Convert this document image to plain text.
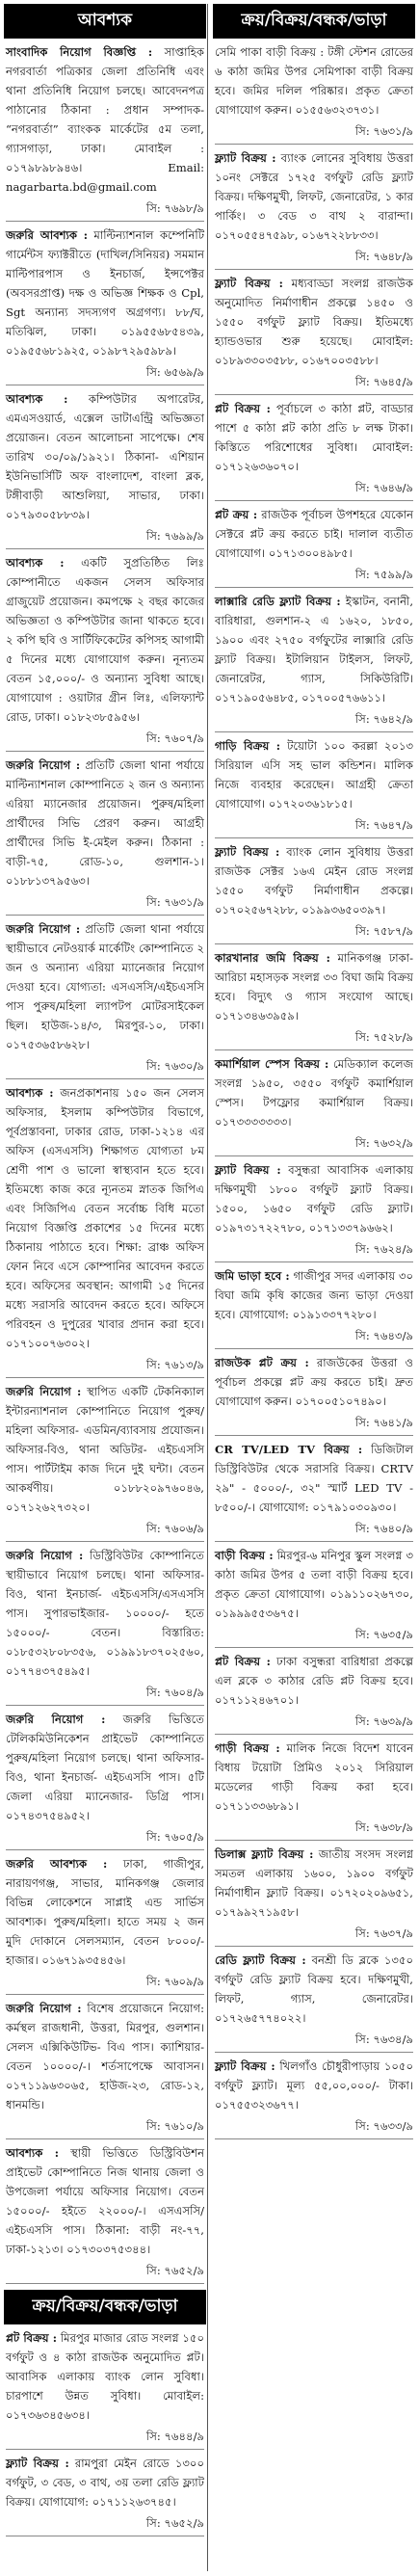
আবশ্যক
সাংবাদিক নিয়োগ বিজ্ঞপ্তি : সাপ্তাহিক নগরবার্তা পত্রিকার জেলা প্রতিনিধি এবং থানা প্রতিনিধি নিয়োগ চলছে। আবেদনপত্র পাঠানোর ঠিকানা : প্রধান সম্পাদক- “নগরবার্তা” ব্যাংকক মার্কেটের ৫ম তলা, গ্যাসগাড়া, ঢাকা। মোবাইল : ০১৭৯৮৯৮৯৪৬। Email: nagarbarta.bd@gmail.com
সি: ৭৬৯৮/৯
জরুরি আবশ্যক : মাল্টিন্যাশনাল কম্পেনিটি গার্মেন্টস ফ্যাক্টরীতে (দাখিল/সিনিয়র) সমমান মাল্টিপারপাস ও ইনচার্জ, ইন্সপেক্টর (অবসরপ্রাপ্ত) দক্ষ ও অভিজ্ঞ শিক্ষক ও Cpl, Sgt অন্যান্য সদস্যগণ অগ্রগণ্য। ৮৮/ঘ, মতিঝিল, ঢাকা। ০১৯৫৫৬৮৫৪৩৯, ০১৯৫৫৬৮১৯২৫, ০১৯৮৭২৯৫৯৮৯।
সি: ৬৫৬৯/৯
আবশ্যক : কম্পিউটার অপারেটর, এমএসওয়ার্ড, এক্সেল ডাটাএন্ট্রি অভিজ্ঞতা প্রয়োজন। বেতন আলোচনা সাপেক্ষে। শেষ তারিখ ৩০/০৯/১৯২১। ঠিকানা- এশিয়ান ইউনিভার্সিটি অফ বাংলাদেশ, বাংলা ব্লক, টঙ্গীবাড়ী আশুলিয়া, সাভার, ঢাকা। ০১৭৯৩০৫৮৮৩৯।
সি: ৭৬৯৯/৯
আবশ্যক : একটি সুপ্রতিষ্ঠিত লিঃ কোম্পানীতে একজন সেলস অফিসার গ্রাজুয়েট প্রয়োজন। কমপক্ষে ২ বছর কাজের অভিজ্ঞতা ও কম্পিউটার জানা থাকতে হবে। ২ কপি ছবি ও সার্টিফিকেটের কপিসহ আগামী ৫ দিনের মধ্যে যোগাযোগ করুন। নূন্যতম বেতন ১৫,০০০/- ও অন্যান্য সুবিধা আছে। যোগাযোগ : ওয়াটার গ্রীন লিঃ, এলিফ্যান্ট রোড, ঢাকা। ০১৮২৩৮৫৯৫৬।
সি: ৭৬০৭/৯
জরুরি নিয়োগ : প্রতিটি জেলা থানা পর্যায়ে মাল্টিন্যাশনাল কোম্পানিতে ২ জন ও অন্যান্য এরিয়া ম্যানেজার প্রয়োজন। পুরুষ/মহিলা প্রার্থীদের সিভি প্রেরণ করুন। আগ্রহী প্রার্থীদের সিভি ই-মেইল করুন। ঠিকানা : বাড়ী-৭৫, রোড-১০, গুলশান-১। ০১৮৮১৩৭৯৫৬৩।
সি: ৭৬৩১/৯
জরুরি নিয়োগ : প্রতিটি জেলা থানা পর্যায়ে স্থায়ীভাবে নেটওয়ার্ক মার্কেটিং কোম্পানিতে ২ জন ও অন্যান্য এরিয়া ম্যানেজার নিয়োগ দেওয়া হবে। যোগ্যতা: এসএসসি/এইচএসসি পাস পুরুষ/মহিলা ল্যাপটপ মোটরসাইকেল ছিল। হাউজ-১৪/৩, মিরপুর-১০, ঢাকা। ০১৭৫৩৬৫৮৬২৮।
সি: ৭৬৩০/৯
আবশ্যক : জনপ্রকাশনায় ১৫০ জন সেলস অফিসার, ইসলাম কম্পিউটার বিভাগে, পূর্বপ্রস্তাবনা, ঢাকার রোড, ঢাকা-১২১৪ এর অফিস (এসএসসি) শিক্ষাগত যোগ্যতা ৮ম শ্রেণী পাশ ও ভালো স্বাস্থ্যবান হতে হবে। ইতিমধ্যে কাজ করে ন্যূনতম স্নাতক জিপিএ এবং সিজিপিএ বেতন সর্বোচ্চ বিধি মতো নিয়োগ বিজ্ঞপ্তি প্রকাশের ১৫ দিনের মধ্যে ঠিকানায় পাঠাতে হবে। শিক্ষা: ব্রাঞ্চ অফিস ফোন নিবে এসে কোম্পানির আবেদন করতে হবে। অফিসের অবস্থান: আগামী ১৫ দিনের মধ্যে সরাসরি আবেদন করতে হবে। অফিসে পরিবহন ও দুপুরের খাবার প্রদান করা হবে। ০১৭১০০৭৬৩০২।
সি: ৭৬১৩/৯
জরুরি নিয়োগ : স্থাপিত একটি টেকনিক্যাল ইন্টারন্যাশনাল কোম্পানিতে নিয়োগ পুরুষ/মহিলা অফিসার- এডমিন/ব্যাবসায় প্রযোজন। অফিসার-বিও, থানা অডিটর- এইচএসসি পাস। পার্টটাইম কাজ দিনে দুই ঘন্টা। বেতন আকর্ষণীয়। ০১৮৮২০৯৭৬০৪৬, ০১৭১২৬২৭৩২০।
সি: ৭৬০৬/৯
জরুরি নিয়োগ : ডিস্ট্রিবিউটর কোম্পানিতে স্থায়ীভাবে নিয়োগ চলছে। থানা অফিসার-বিও, থানা ইনচার্জ- এইচএসসি/এসএসসি পাস। সুপারভাইজার- ১০০০০/- হতে ১৫০০০/- বেতন। বিস্তারিত: ০১৮৫৩২৮০৮৩৫৬, ০১৯৯১৮৩৭০২৫৬০, ০১৭৭৪৩৭৫৪৯৫।
সি: ৭৬০৪/৯
জরুরি নিয়োগ : জরুরি ভিত্তিতে টেলিকমিউনিকেশন প্রাইভেট কোম্পানিতে পুরুষ/মহিলা নিয়োগ চলছে। থানা অফিসার-বিও, থানা ইনচার্জ- এইচএসসি পাস। ৫টি জেলা এরিয়া ম্যানেজার- ডিগ্রি পাস। ০১৭৪৩৭৫৪৯৫২।
সি: ৭৬০৫/৯
জরুরি আবশ্যক : ঢাকা, গাজীপুর, নারায়ণগঞ্জ, সাভার, মানিকগঞ্জ জেলার বিভিন্ন লোকেশনে সাপ্লাই এন্ড সার্ভিস আবশ্যক। পুরুষ/মহিলা। হাতে সময় ২ জন মুদি দোকানে সেলসম্যান, বেতন ৮০০০/- হাজার। ০১৬৭১৯৩৫৪৫৬।
সি: ৭৬০৯/৯
জরুরি নিয়োগ : বিশেষ প্রয়োজনে নিয়োগ: কর্মস্থল রাজধানী, উত্তরা, মিরপুর, গুলশান। সেলস এক্সিকিউটিভ- বিএ পাস। ক্যাশিয়ার- বেতন ১০০০০/-। শর্তসাপেক্ষে আবাসন। ০১৭১১৯৬৩০৬৫, হাউজ-২৩, রোড-১২, ধানমন্ডি।
সি: ৭৬১০/৯
আবশ্যক : স্থায়ী ভিত্তিতে ডিস্ট্রিবিউশন প্রাইভেট কোম্পানিতে নিজ থানায় জেলা ও উপজেলা পর্যায়ে অফিসার নিয়োগ। বেতন ১৫০০০/- হইতে ২২০০০/-। এসএসসি/এইচএসসি পাস। ঠিকানা: বাড়ী নং-৭৭, ঢাকা-১২১৩। ০১৭৩০৩৭৫৩৪৪।
সি: ৭৬৫২/৯
ক্রয়/বিক্রয়/বন্ধক/ভাড়া
প্লট বিক্রয় : মিরপুর মাজার রোড সংলগ্ন ১৫০ বর্গফুট ও ৪ কাঠা রাজউক অনুমোদিত প্লট। আবাসিক এলাকায় ব্যাংক লোন সুবিধা। চারপাশে উন্নত সুবিধা। মোবাইল: ০১৭৩৬৩৪৫৬৩৪।
সি: ৭৬৪৪/৯
ফ্ল্যাট বিক্রয় : রামপুরা মেইন রোডে ১৩০০ বর্গফুট, ৩ বেড, ৩ বাথ, ৩য় তলা রেডি ফ্ল্যাট বিক্রয়। যোগাযোগ: ০১৭১১২৬৩৭৪৫।
সি: ৭৬৫২/৯
ক্রয়/বিক্রয়/বন্ধক/ভাড়া
সেমি পাকা বাড়ী বিক্রয় : টঙ্গী স্টেশন রোডের ৬ কাঠা জমির উপর সেমিপাকা বাড়ী বিক্রয় হবে। জমির দলিল পরিষ্কার। প্রকৃত ক্রেতা যোগাযোগ করুন। ০১৫৫৬৩২৩৭৩১।
সি: ৭৬৩১/৯
ফ্ল্যাট বিক্রয় : ব্যাংক লোনের সুবিধায় উত্তরা ১০নং সেক্টরে ১৭২৫ বর্গফুট রেডি ফ্ল্যাট বিক্রয়। দক্ষিণমুখী, লিফট, জেনারেটর, ১ কার পার্কিং। ৩ বেড ৩ বাথ ২ বারান্দা। ০১৭০৫৫৪৭৫৯৮, ০১৬৭২২৮৮৩৩।
সি: ৭৬৪৮/৯
ফ্ল্যাট বিক্রয় : মধ্যবাড্ডা সংলগ্ন রাজউক অনুমোদিত নির্মাণাধীন প্রকল্পে ১৪৫০ ও ১৫৫০ বর্গফুট ফ্ল্যাট বিক্রয়। ইতিমধ্যে হ্যান্ডওভার শুরু হয়েছে। মোবাইল: ০১৮৯৩৩০৩৫৮৮, ০১৬৭০০৩৫৮৮।
সি: ৭৬৪৫/৯
প্লট বিক্রয় : পূর্বাচলে ৩ কাঠা প্লট, বাড্ডার পাশে ৫ কাঠা প্লট কাঠা প্রতি ৮ লক্ষ টাকা। কিস্তিতে পরিশোধের সুবিধা। মোবাইল: ০১৭১২৬৩৬০৭০।
সি: ৭৬৪৬/৯
প্লট ক্রয় : রাজউক পূর্বাচল উপশহরে যেকোন সেক্টরে প্লট ক্রয় করতে চাই। দালাল ব্যতীত যোগাযোগ। ০১৭১৩০০৪৯৮৫।
সি: ৭৫৯৯/৯
লাক্সারি রেডি ফ্ল্যাট বিক্রয় : ইস্কাটন, বনানী, বারিধারা, গুলশান-২ এ ১৬২০, ১৮৫০, ১৯০০ এবং ২৭৫০ বর্গফুটের লাক্সারি রেডি ফ্ল্যাট বিক্রয়। ইটালিয়ান টাইলস, লিফট, জেনারেটর, গ্যাস, সিকিউরিটি। ০১৭১৯০৫৬৪৮৫, ০১৭০০৫৭৬৬১১।
সি: ৭৬৪২/৯
গাড়ি বিক্রয় : টয়োটা ১০০ করল্লা ২০১৩ সিরিয়াল এসি সহ ভাল কন্ডিশন। মালিক নিজে ব্যবহার করেছেন। আগ্রহী ক্রেতা যোগাযোগ। ০১৭২০৩৬১৮১৫।
সি: ৭৬৪৭/৯
ফ্ল্যাট বিক্রয় : ব্যাংক লোন সুবিধায় উত্তরা রাজউক সেক্টর ১৬এ মেইন রোড সংলগ্ন ১৫৫০ বর্গফুট নির্মাণাধীন প্রকল্পে। ০১৭০২৫৬৭২৮৮, ০১৯৯৩৬৫০৩৯৭।
সি: ৭৫৮৭/৯
কারখানার জমি বিক্রয় : মানিকগঞ্জ ঢাকা-আরিচা মহাসড়ক সংলগ্ন ৩৩ বিঘা জমি বিক্রয় হবে। বিদ্যুৎ ও গ্যাস সংযোগ আছে। ০১৭১৩৪৬৩৯৫৯।
সি: ৭৫২৮/৯
কমার্শিয়াল স্পেস বিক্রয় : মেডিক্যাল কলেজ সংলগ্ন ১৯৫০, ৩৫৫০ বর্গফুট কমার্শিয়াল স্পেস। টপফ্লোর কমার্শিয়াল বিক্রয়। ০১৭৩৩৩৩৩৩৩।
সি: ৭৬৩২/৯
ফ্ল্যাট বিক্রয় : বসুন্ধরা আবাসিক এলাকায় দক্ষিণমুখী ১৮০০ বর্গফুট ফ্ল্যাট বিক্রয়। ১৫০০, ১৬৫০ বর্গফুট রেডি ফ্ল্যাট। ০১৯৭৩১৭২২৭৮০, ০১৭১৩৩৭৯৬৬২।
সি: ৭৬২৪/৯
জমি ভাড়া হবে : গাজীপুর সদর এলাকায় ৩০ বিঘা জমি কৃষি কাজের জন্য ভাড়া দেওয়া হবে। যোগাযোগ: ০১৯১৩৩৭৭২৮০।
সি: ৭৬৪৩/৯
রাজউক প্লট ক্রয় : রাজউকের উত্তরা ও পূর্বাচল প্রকল্পে প্লট ক্রয় করতে চাই। দ্রুত যোগাযোগ করুন। ০১৭০০৫১০৭৪৯০।
সি: ৭৬৪১/৯
CR TV/LED TV বিক্রয় : ডিজিটাল ডিস্ট্রিবিউটর থেকে সরাসরি বিক্রয়। CRTV ২৯" - ৫০০০/-, ৩২" স্মার্ট LED TV - ৮৫০০/-। যোগাযোগ: ০১৭৯১০৩০৯৩০।
সি: ৭৬৪০/৯
বাড়ী বিক্রয় : মিরপুর-৬ মনিপুর স্কুল সংলগ্ন ৩ কাঠা জমির উপর ৫ তলা বাড়ী বিক্রয় হবে। প্রকৃত ক্রেতা যোগাযোগ। ০১৯১১০২৬৭৩০, ০১৯৯৯৫৫৩৬৭৫।
সি: ৭৬৩৫/৯
প্লট বিক্রয় : ঢাকা বসুন্ধরা বারিধারা প্রকল্পে এল ব্লকে ৩ কাঠার রেডি প্লট বিক্রয় হবে। ০১৭১১২৪৬৭০১।
সি: ৭৬৩৯/৯
গাড়ী বিক্রয় : মালিক নিজে বিদেশ যাবেন বিধায় টয়োটা প্রিমিও ২০১২ সিরিয়াল মডেলের গাড়ী বিক্রয় করা হবে। ০১৭১১৩৩৬৮৯১।
সি: ৭৬৩৮/৯
ডিলাক্স ফ্ল্যাট বিক্রয় : জাতীয় সংসদ সংলগ্ন সমতল এলাকায় ১৬০০, ১৯০০ বর্গফুট নির্মাণাধীন ফ্ল্যাট বিক্রয়। ০১৭২০২০৯৬৫১, ০১৭৯৯২৭১৯৫৮।
সি: ৭৬৩৭/৯
রেডি ফ্ল্যাট বিক্রয় : বনশ্রী ডি ব্লকে ১৩৫০ বর্গফুট রেডি ফ্ল্যাট বিক্রয় হবে। দক্ষিণমুখী, লিফট, গ্যাস, জেনারেটর। ০১৭২৬৫৭৭৪০২২।
সি: ৭৬৩৪/৯
ফ্ল্যাট বিক্রয় : খিলগাঁও চৌধুরীপাড়ায় ১০৫০ বর্গফুট ফ্ল্যাট। মূল্য ৫৫,০০,০০০/- টাকা। ০১৭৫৫৩২৩৬৭৭।
সি: ৭৬৩৩/৯
